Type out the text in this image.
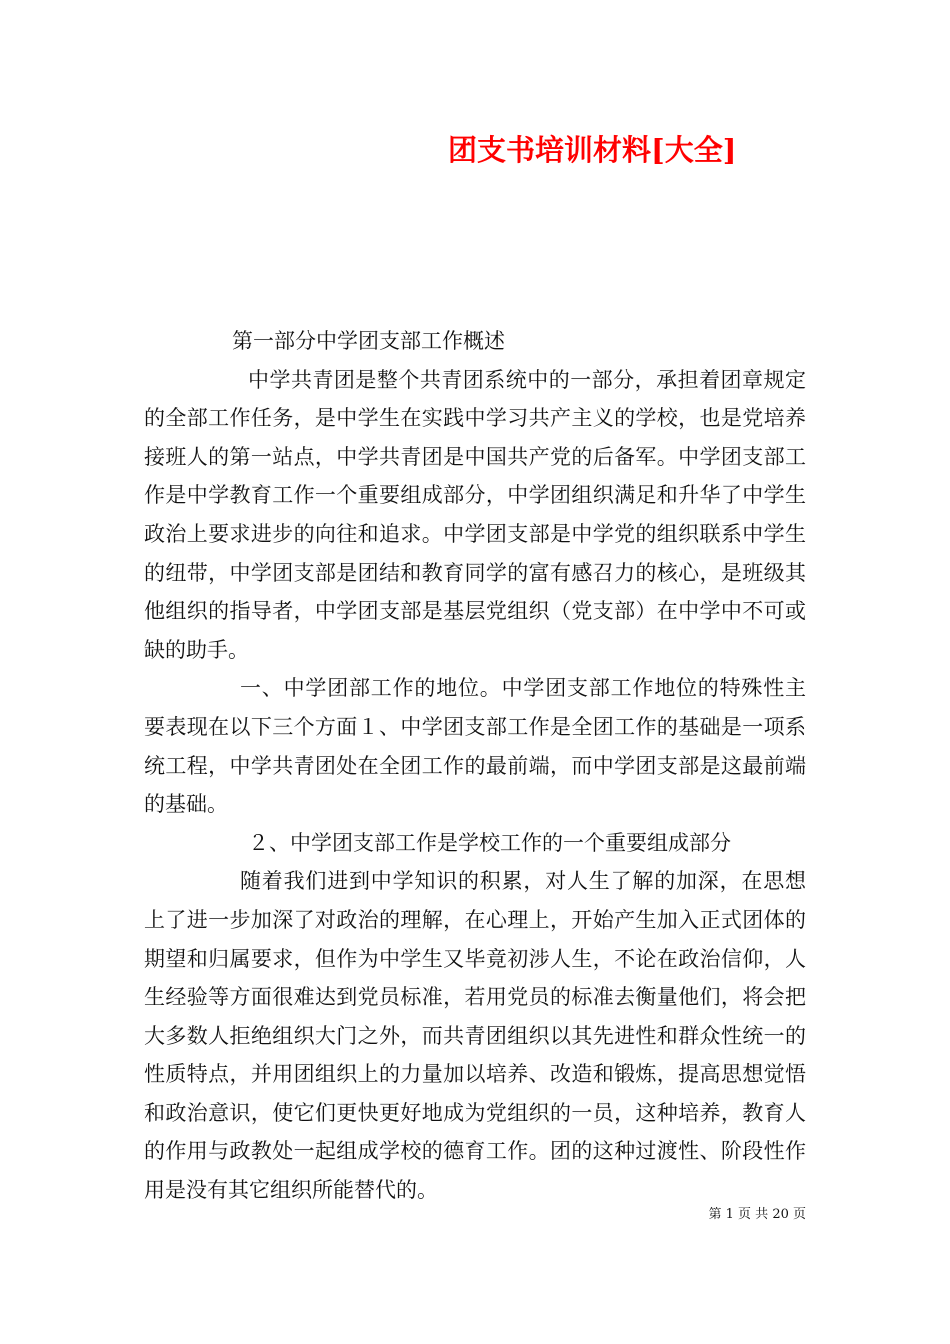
团支书培训材料[大全]

第一部分中学团支部工作概述

中学共青团是整个共青团系统中的一部分，承担着团章规定的全部工作任务，是中学生在实践中学习共产主义的学校，也是党培养接班人的第一站点，中学共青团是中国共产党的后备军。中学团支部工作是中学教育工作一个重要组成部分，中学团组织满足和升华了中学生政治上要求进步的向往和追求。中学团支部是中学党的组织联系中学生的纽带，中学团支部是团结和教育同学的富有感召力的核心，是班级其他组织的指导者，中学团支部是基层党组织（党支部）在中学中不可或缺的助手。

一、中学团部工作的地位。中学团支部工作地位的特殊性主要表现在以下三个方面１、中学团支部工作是全团工作的基础是一项系统工程，中学共青团处在全团工作的最前端，而中学团支部是这最前端的基础。

２、中学团支部工作是学校工作的一个重要组成部分

随着我们进到中学知识的积累，对人生了解的加深，在思想上了进一步加深了对政治的理解，在心理上，开始产生加入正式团体的期望和归属要求，但作为中学生又毕竟初涉人生，不论在政治信仰，人生经验等方面很难达到党员标准，若用党员的标准去衡量他们，将会把大多数人拒绝组织大门之外，而共青团组织以其先进性和群众性统一的性质特点，并用团组织上的力量加以培养、改造和锻炼，提高思想觉悟和政治意识，使它们更快更好地成为党组织的一员，这种培养，教育人的作用与政教处一起组成学校的德育工作。团的这种过渡性、阶段性作用是没有其它组织所能替代的。

第 1 页 共 20 页
